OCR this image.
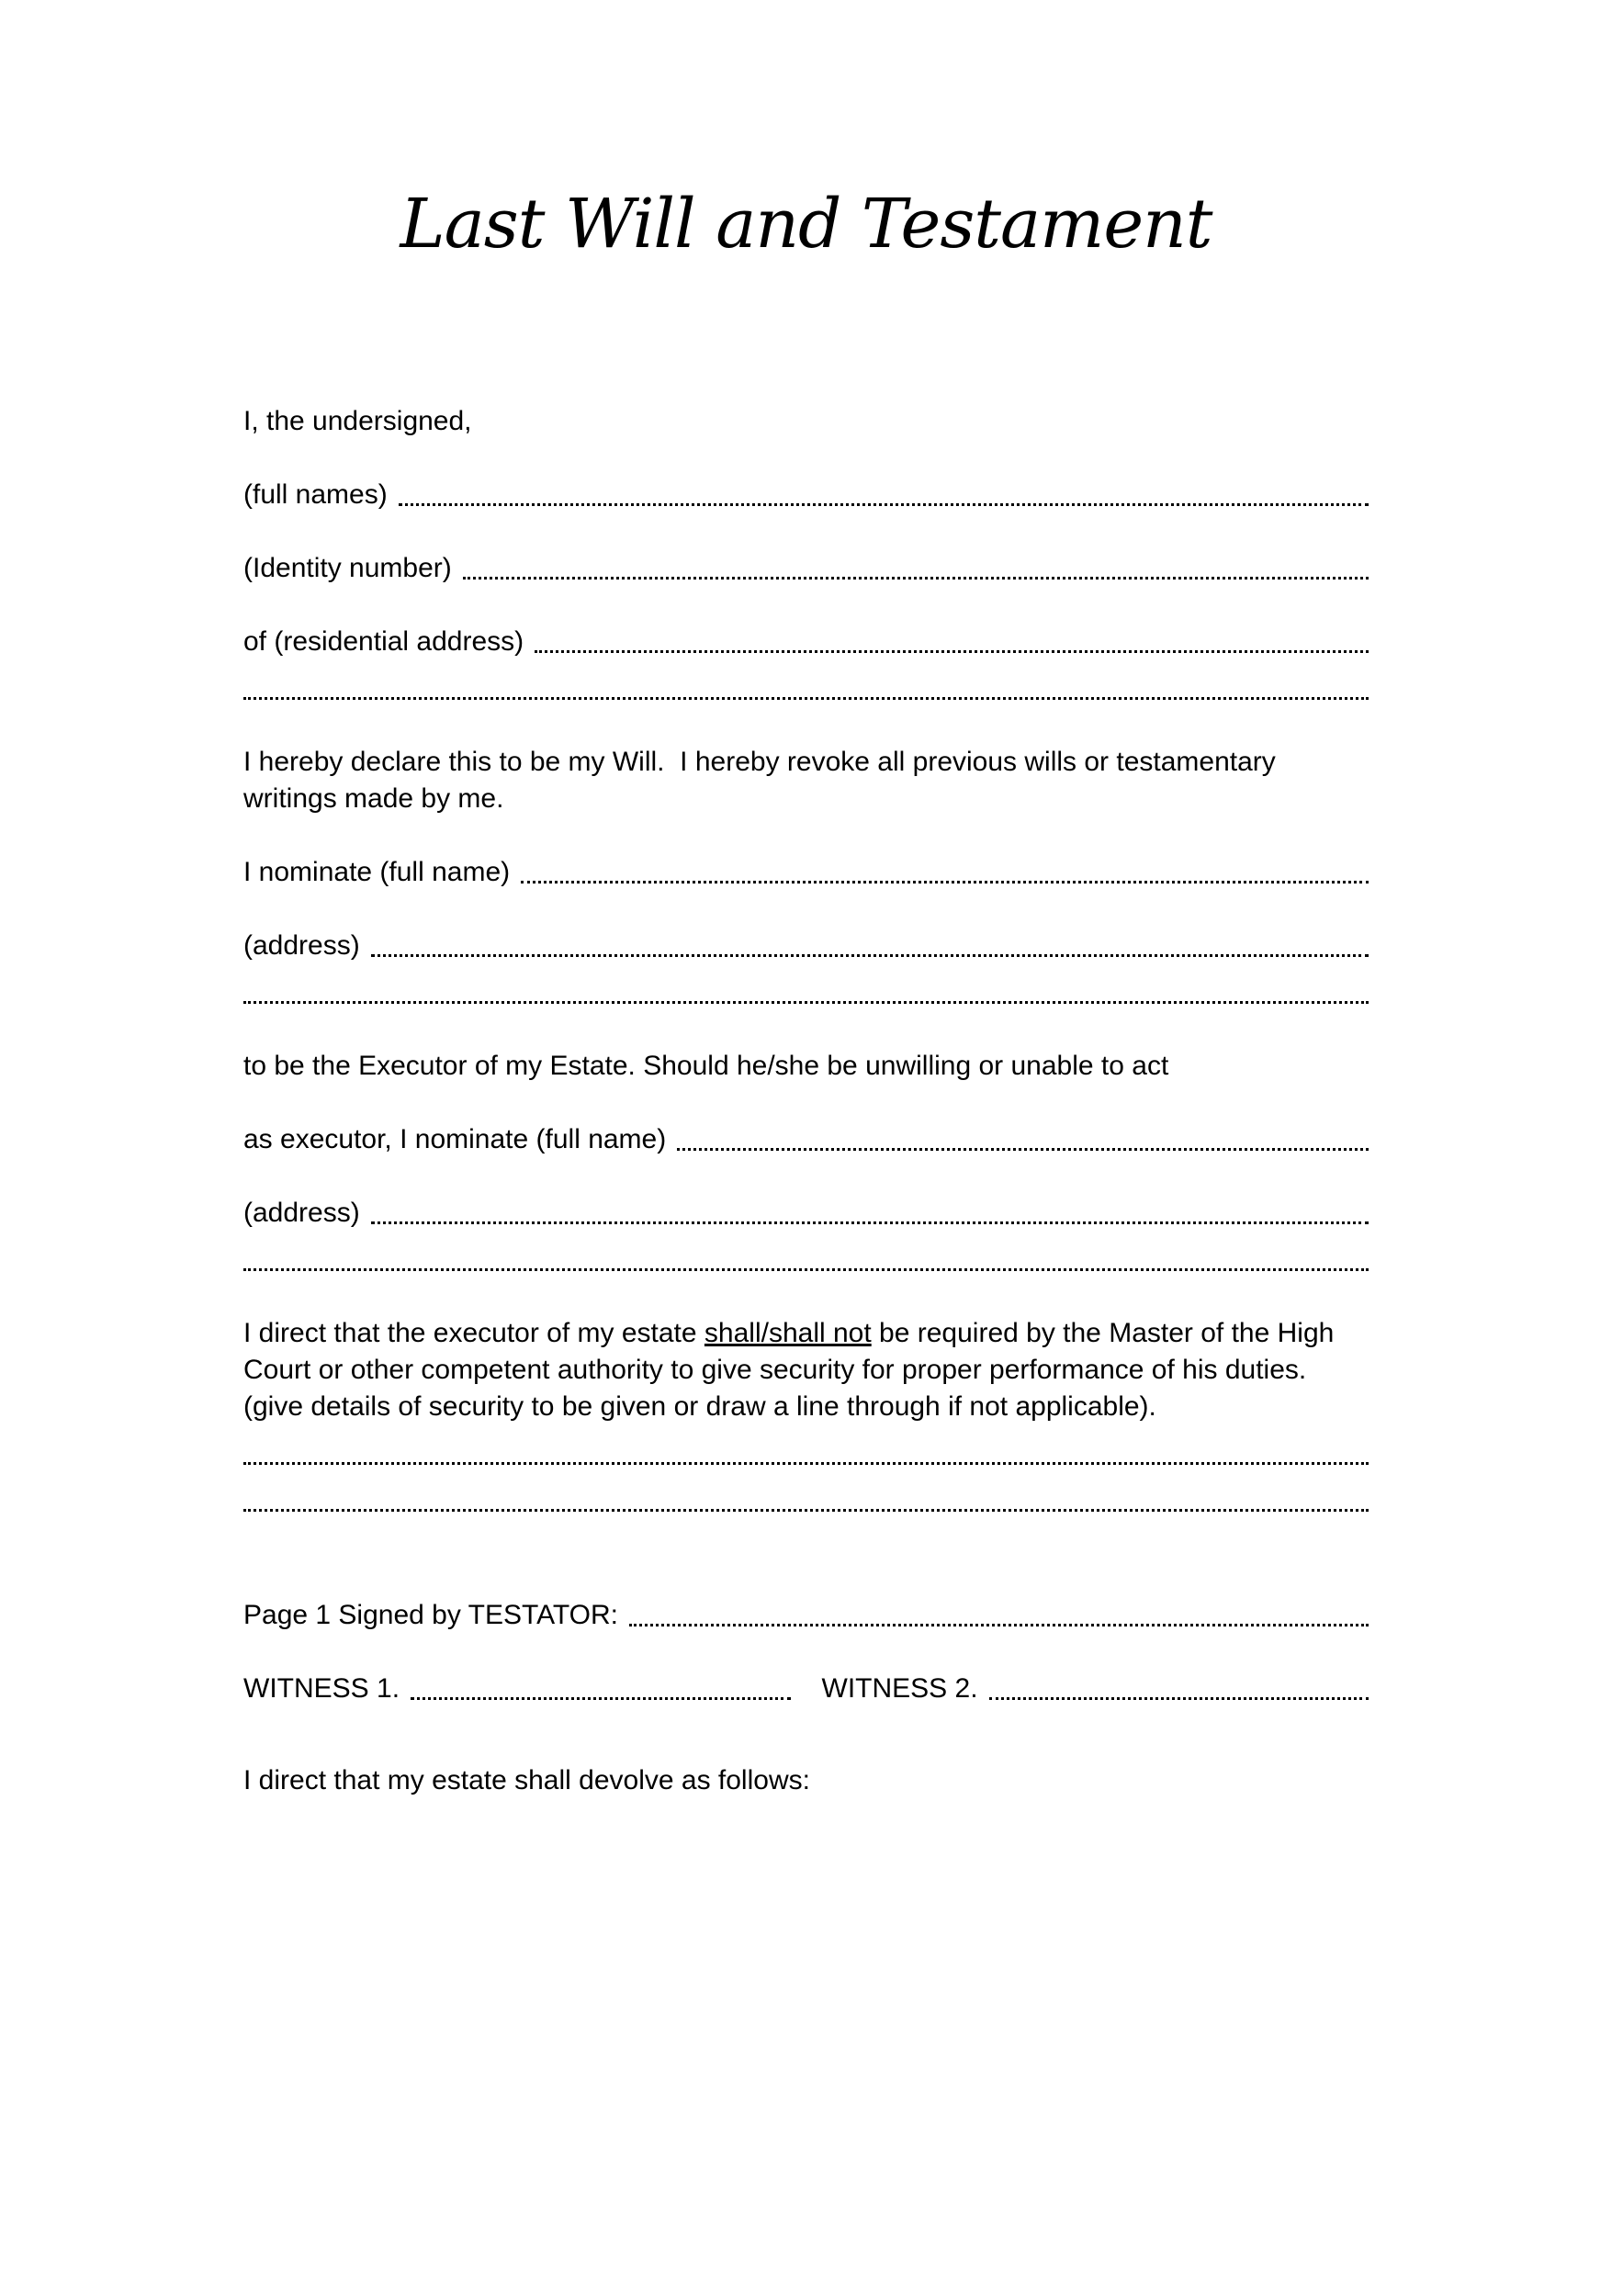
Last Will and Testament

I, the undersigned,

(full names)

(Identity number)

of (residential address)

I hereby declare this to be my Will.  I hereby revoke all previous wills or testamentary writings made by me.

I nominate (full name)

(address)

to be the Executor of my Estate. Should he/she be unwilling or unable to act

as executor, I nominate (full name)

(address)

I direct that the executor of my estate shall/shall not be required by the Master of the High Court or other competent authority to give security for proper performance of his duties. (give details of security to be given or draw a line through if not applicable).

Page 1 Signed by TESTATOR:

WITNESS 1.	WITNESS 2.

I direct that my estate shall devolve as follows:
